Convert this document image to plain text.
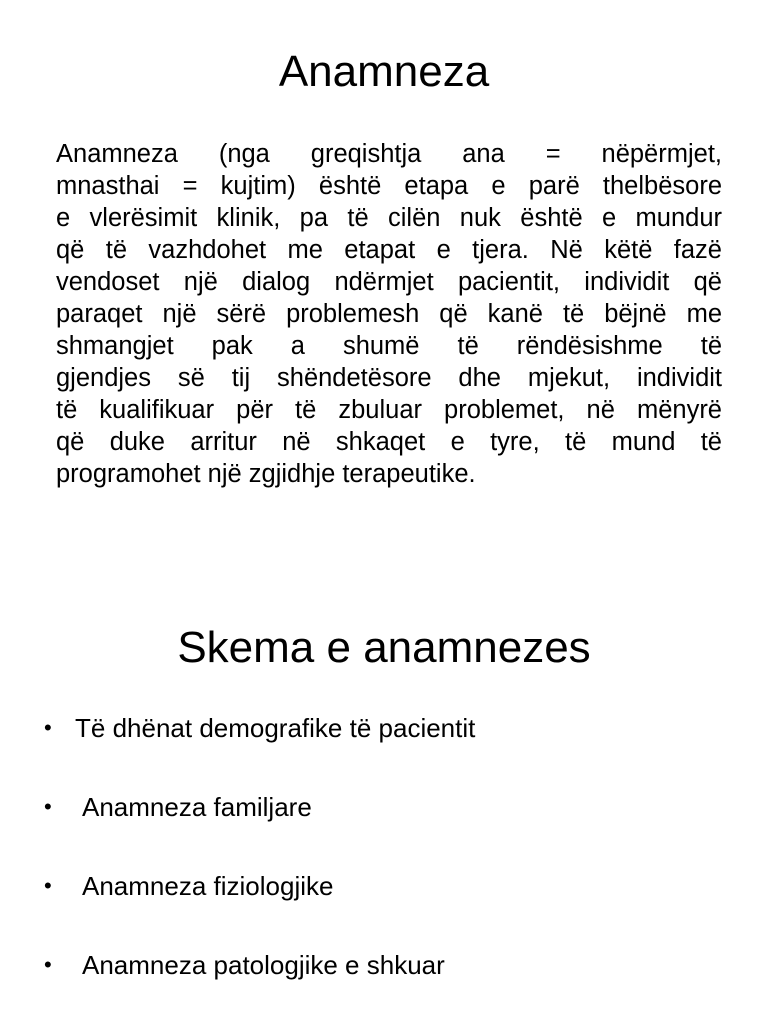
Anamneza
Anamneza (nga greqishtja ana = nëpërmjet,
mnasthai = kujtim) është etapa e parë thelbësore
e vlerësimit klinik, pa të cilën nuk është e mundur
që të vazhdohet me etapat e tjera. Në këtë fazë
vendoset një dialog ndërmjet pacientit, individit që
paraqet një sërë problemesh që kanë të bëjnë me
shmangjet pak a shumë të rëndësishme të
gjendjes së tij shëndetësore dhe mjekut, individit
të kualifikuar për të zbuluar problemet, në mënyrë
që duke arritur në shkaqet e tyre, të mund të
programohet një zgjidhje terapeutike.
Skema e anamnezes
• Të dhënat demografike të pacientit
•	Anamneza familjare
•	Anamneza fiziologjike
•	Anamneza patologjike e shkuar
